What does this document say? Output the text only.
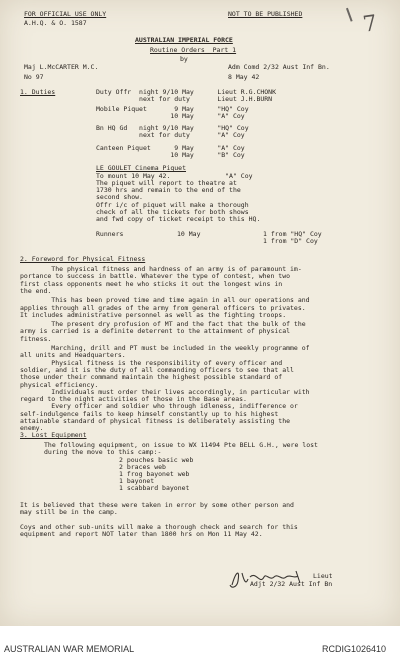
7
FOR OFFICIAL USE ONLY
A.H.Q. & O. 1587
NOT TO BE PUBLISHED
AUSTRALIAN IMPERIAL FORCE
Routine Orders  Part 1
by
Maj L.McCARTER M.C.	Adm Comd 2/32 Aust Inf Bn.
No 97	8 May 42
1. Duties	Duty Offr  night 9/10 May      Lieut R.G.CHONK
next for duty       Lieut J.H.BURN
Mobile Piquet       9 May      "HQ" Coy
10 May      "A" Coy
Bn HQ Gd   night 9/10 May      "HQ" Coy
next for duty       "A" Coy
Canteen Piquet      9 May      "A" Coy
10 May      "B" Coy
LE GOULET Cinema Piquet
To mount 10 May 42.              "A" Coy
The piquet will report to theatre at
1730 hrs and remain to the end of the
second show.
Offr i/c of piquet will make a thorough
check of all the tickets for both shows
and fwd copy of ticket receipt to this HQ.
Runners	10 May	1 from "HQ" Coy
1 from "D" Coy
2. Foreword for Physical Fitness
The physical fitness and hardness of an army is of paramount im-
portance to success in battle. Whatever the type of contest, when two
first class opponents meet he who sticks it out the longest wins in
the end.
This has been proved time and time again in all our operations and
applies through all grades of the army from general officers to privates.
It includes administrative personnel as well as the fighting troops.
The present dry profusion of MT and the fact that the bulk of the
army is carried is a definite deterrent to the attainment of physical
fitness.
Marching, drill and PT must be included in the weekly programme of
all units and Headquarters.
Physical fitness is the responsibility of every officer and
soldier, and it is the duty of all commanding officers to see that all
those under their command maintain the highest possible standard of
physical efficiency.
Individuals must order their lives accordingly, in particular with
regard to the night activities of those in the Base areas.
Every officer and soldier who through idleness, indifference or
self-indulgence fails to keep himself constantly up to his highest
attainable standard of physical fitness is deliberately assisting the
enemy.
3. Lost Equipment
The following equipment, on issue to WX 11494 Pte BELL G.H., were lost
during the move to this camp:-
2 pouches basic web
2 braces web
1 frog bayonet web
1 bayonet
1 scabbard bayonet
It is believed that these were taken in error by some other person and
may still be in the camp.
Coys and other sub-units will make a thorough check and search for this
equipment and report NOT later than 1800 hrs on Mon 11 May 42.
Lieut
Adjt 2/32 Aust Inf Bn
AUSTRALIAN WAR MEMORIAL	RCDIG1026410
